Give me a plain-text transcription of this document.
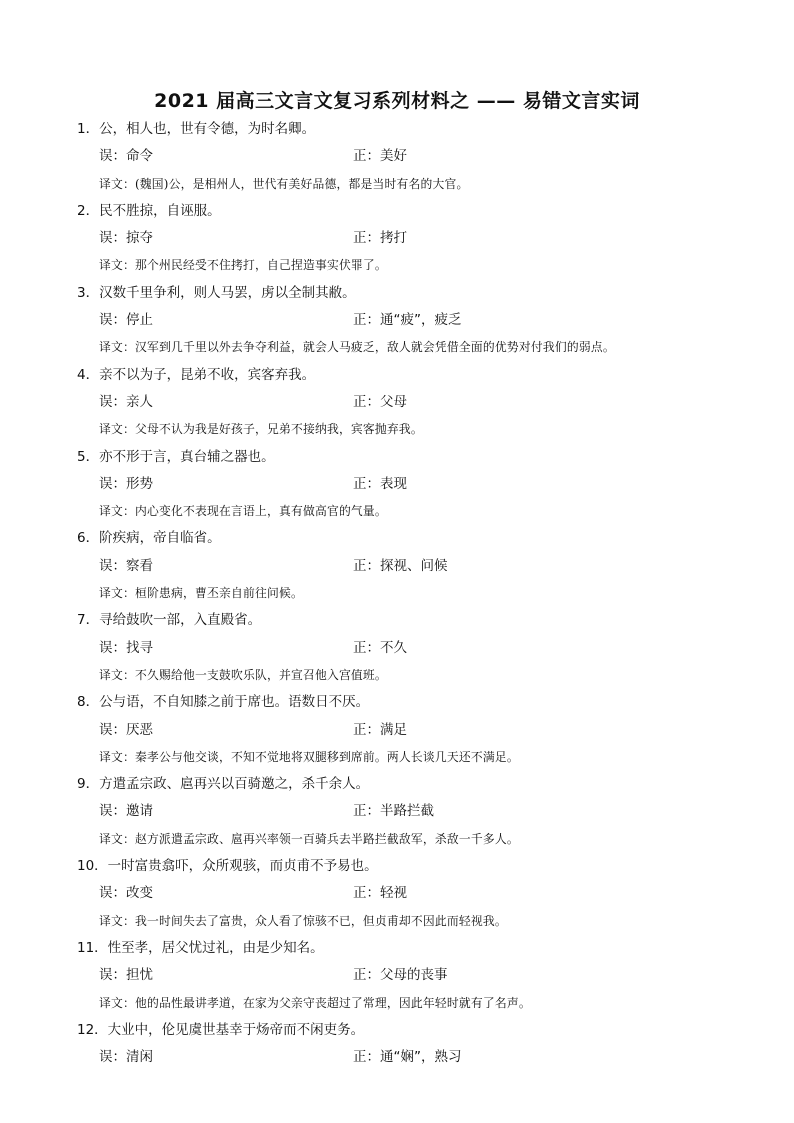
2021 届高三文言文复习系列材料之 —— 易错文言实词
1．公，相人也，世有令德，为时名卿。
误：命令	正：美好
译文：(魏国)公，是相州人，世代有美好品德，都是当时有名的大官。
2．民不胜掠，自诬服。
误：掠夺	正：拷打
译文：那个州民经受不住拷打，自己捏造事实伏罪了。
3．汉数千里争利，则人马罢，虏以全制其敝。
误：停止	正：通“疲”，疲乏
译文：汉军到几千里以外去争夺利益，就会人马疲乏，敌人就会凭借全面的优势对付我们的弱点。
4．亲不以为子，昆弟不收，宾客弃我。
误：亲人	正：父母
译文：父母不认为我是好孩子，兄弟不接纳我，宾客抛弃我。
5．亦不形于言，真台辅之器也。
误：形势	正：表现
译文：内心变化不表现在言语上，真有做高官的气量。
6．阶疾病，帝自临省。
误：察看	正：探视、问候
译文：桓阶患病，曹丕亲自前往问候。
7．寻给鼓吹一部，入直殿省。
误：找寻	正：不久
译文：不久赐给他一支鼓吹乐队，并宣召他入宫值班。
8．公与语，不自知膝之前于席也。语数日不厌。
误：厌恶	正：满足
译文：秦孝公与他交谈，不知不觉地将双腿移到席前。两人长谈几天还不满足。
9．方遣孟宗政、扈再兴以百骑邀之，杀千余人。
误：邀请	正：半路拦截
译文：赵方派遣孟宗政、扈再兴率领一百骑兵去半路拦截敌军，杀敌一千多人。
10．一时富贵翕吓，众所观骇，而贞甫不予易也。
误：改变	正：轻视
译文：我一时间失去了富贵，众人看了惊骇不已，但贞甫却不因此而轻视我。
11．性至孝，居父忧过礼，由是少知名。
误：担忧	正：父母的丧事
译文：他的品性最讲孝道，在家为父亲守丧超过了常理，因此年轻时就有了名声。
12．大业中，伦见虞世基幸于炀帝而不闲吏务。
误：清闲	正：通“娴”，熟习
